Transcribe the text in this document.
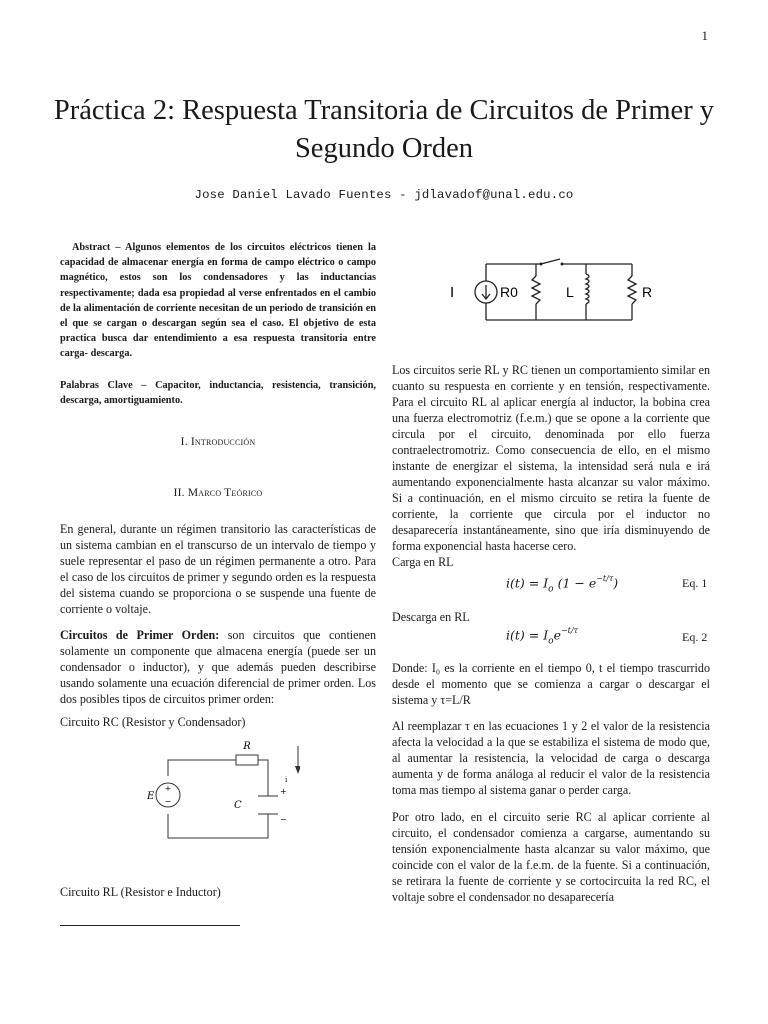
1
Práctica 2: Respuesta Transitoria de Circuitos de Primer y Segundo Orden
Jose Daniel Lavado Fuentes - jdlavadof@unal.edu.co

Abstract – Algunos elementos de los circuitos eléctricos tienen la capacidad de almacenar energía en forma de campo eléctrico o campo magnético, estos son los condensadores y las inductancias respectivamente; dada esa propiedad al verse enfrentados en el cambio de la alimentación de corriente necesitan de un periodo de transición en el que se cargan o descargan según sea el caso. El objetivo de esta practica busca dar entendimiento a esa respuesta transitoria entre carga- descarga.

Palabras Clave – Capacitor, inductancia, resistencia, transición, descarga, amortiguamiento.

I. Introducción
II. Marco Teórico

En general, durante un régimen transitorio las características de un sistema cambian en el transcurso de un intervalo de tiempo y suele representar el paso de un régimen permanente a otro. Para el caso de los circuitos de primer y segundo orden es la respuesta del sistema cuando se proporciona o se suspende una fuente de corriente o voltaje.

Circuitos de Primer Orden: son circuitos que contienen solamente un componente que almacena energía (puede ser un condensador o inductor), y que además pueden describirse usando solamente una ecuación diferencial de primer orden. Los dos posibles tipos de circuitos primer orden:

Circuito RC (Resistor y Condensador)
+
−
R
E
C
i
+
−
Circuito RL (Resistor e Inductor)
I	R0	L	R

Los circuitos serie RL y RC tienen un comportamiento similar en cuanto su respuesta en corriente y en tensión, respectivamente. Para el circuito RL al aplicar energía al inductor, la bobina crea una fuerza electromotriz (f.e.m.) que se opone a la corriente que circula por el circuito, denominada por ello fuerza contraelectromotriz. Como consecuencia de ello, en el mismo instante de energizar el sistema, la intensidad será nula e irá aumentando exponencialmente hasta alcanzar su valor máximo. Si a continuación, en el mismo circuito se retira la fuente de corriente, la corriente que circula por el inductor no desaparecería instantáneamente, sino que iría disminuyendo de forma exponencial hasta hacerse cero.

Carga en RL
$i(t) = I_o$ $(1 - e^{-t/\tau})$	Eq. 1
Descarga en RL
$i(t) = I_oe^{-t/\tau}$	Eq. 2

Donde: I₀ es la corriente en el tiempo 0, t el tiempo trascurrido desde el momento que se comienza a cargar o descargar el sistema y τ=L/R

Al reemplazar τ en las ecuaciones 1 y 2 el valor de la resistencia afecta la velocidad a la que se estabiliza el sistema de modo que, al aumentar la resistencia, la velocidad de carga o descarga aumenta y de forma análoga al reducir el valor de la resistencia toma mas tiempo al sistema ganar o perder carga.

Por otro lado, en el circuito serie RC al aplicar corriente al circuito, el condensador comienza a cargarse, aumentando su tensión exponencialmente hasta alcanzar su valor máximo, que coincide con el valor de la f.e.m. de la fuente. Si a continuación, se retirara la fuente de corriente y se cortocircuita la red RC, el voltaje sobre el condensador no desaparecería
